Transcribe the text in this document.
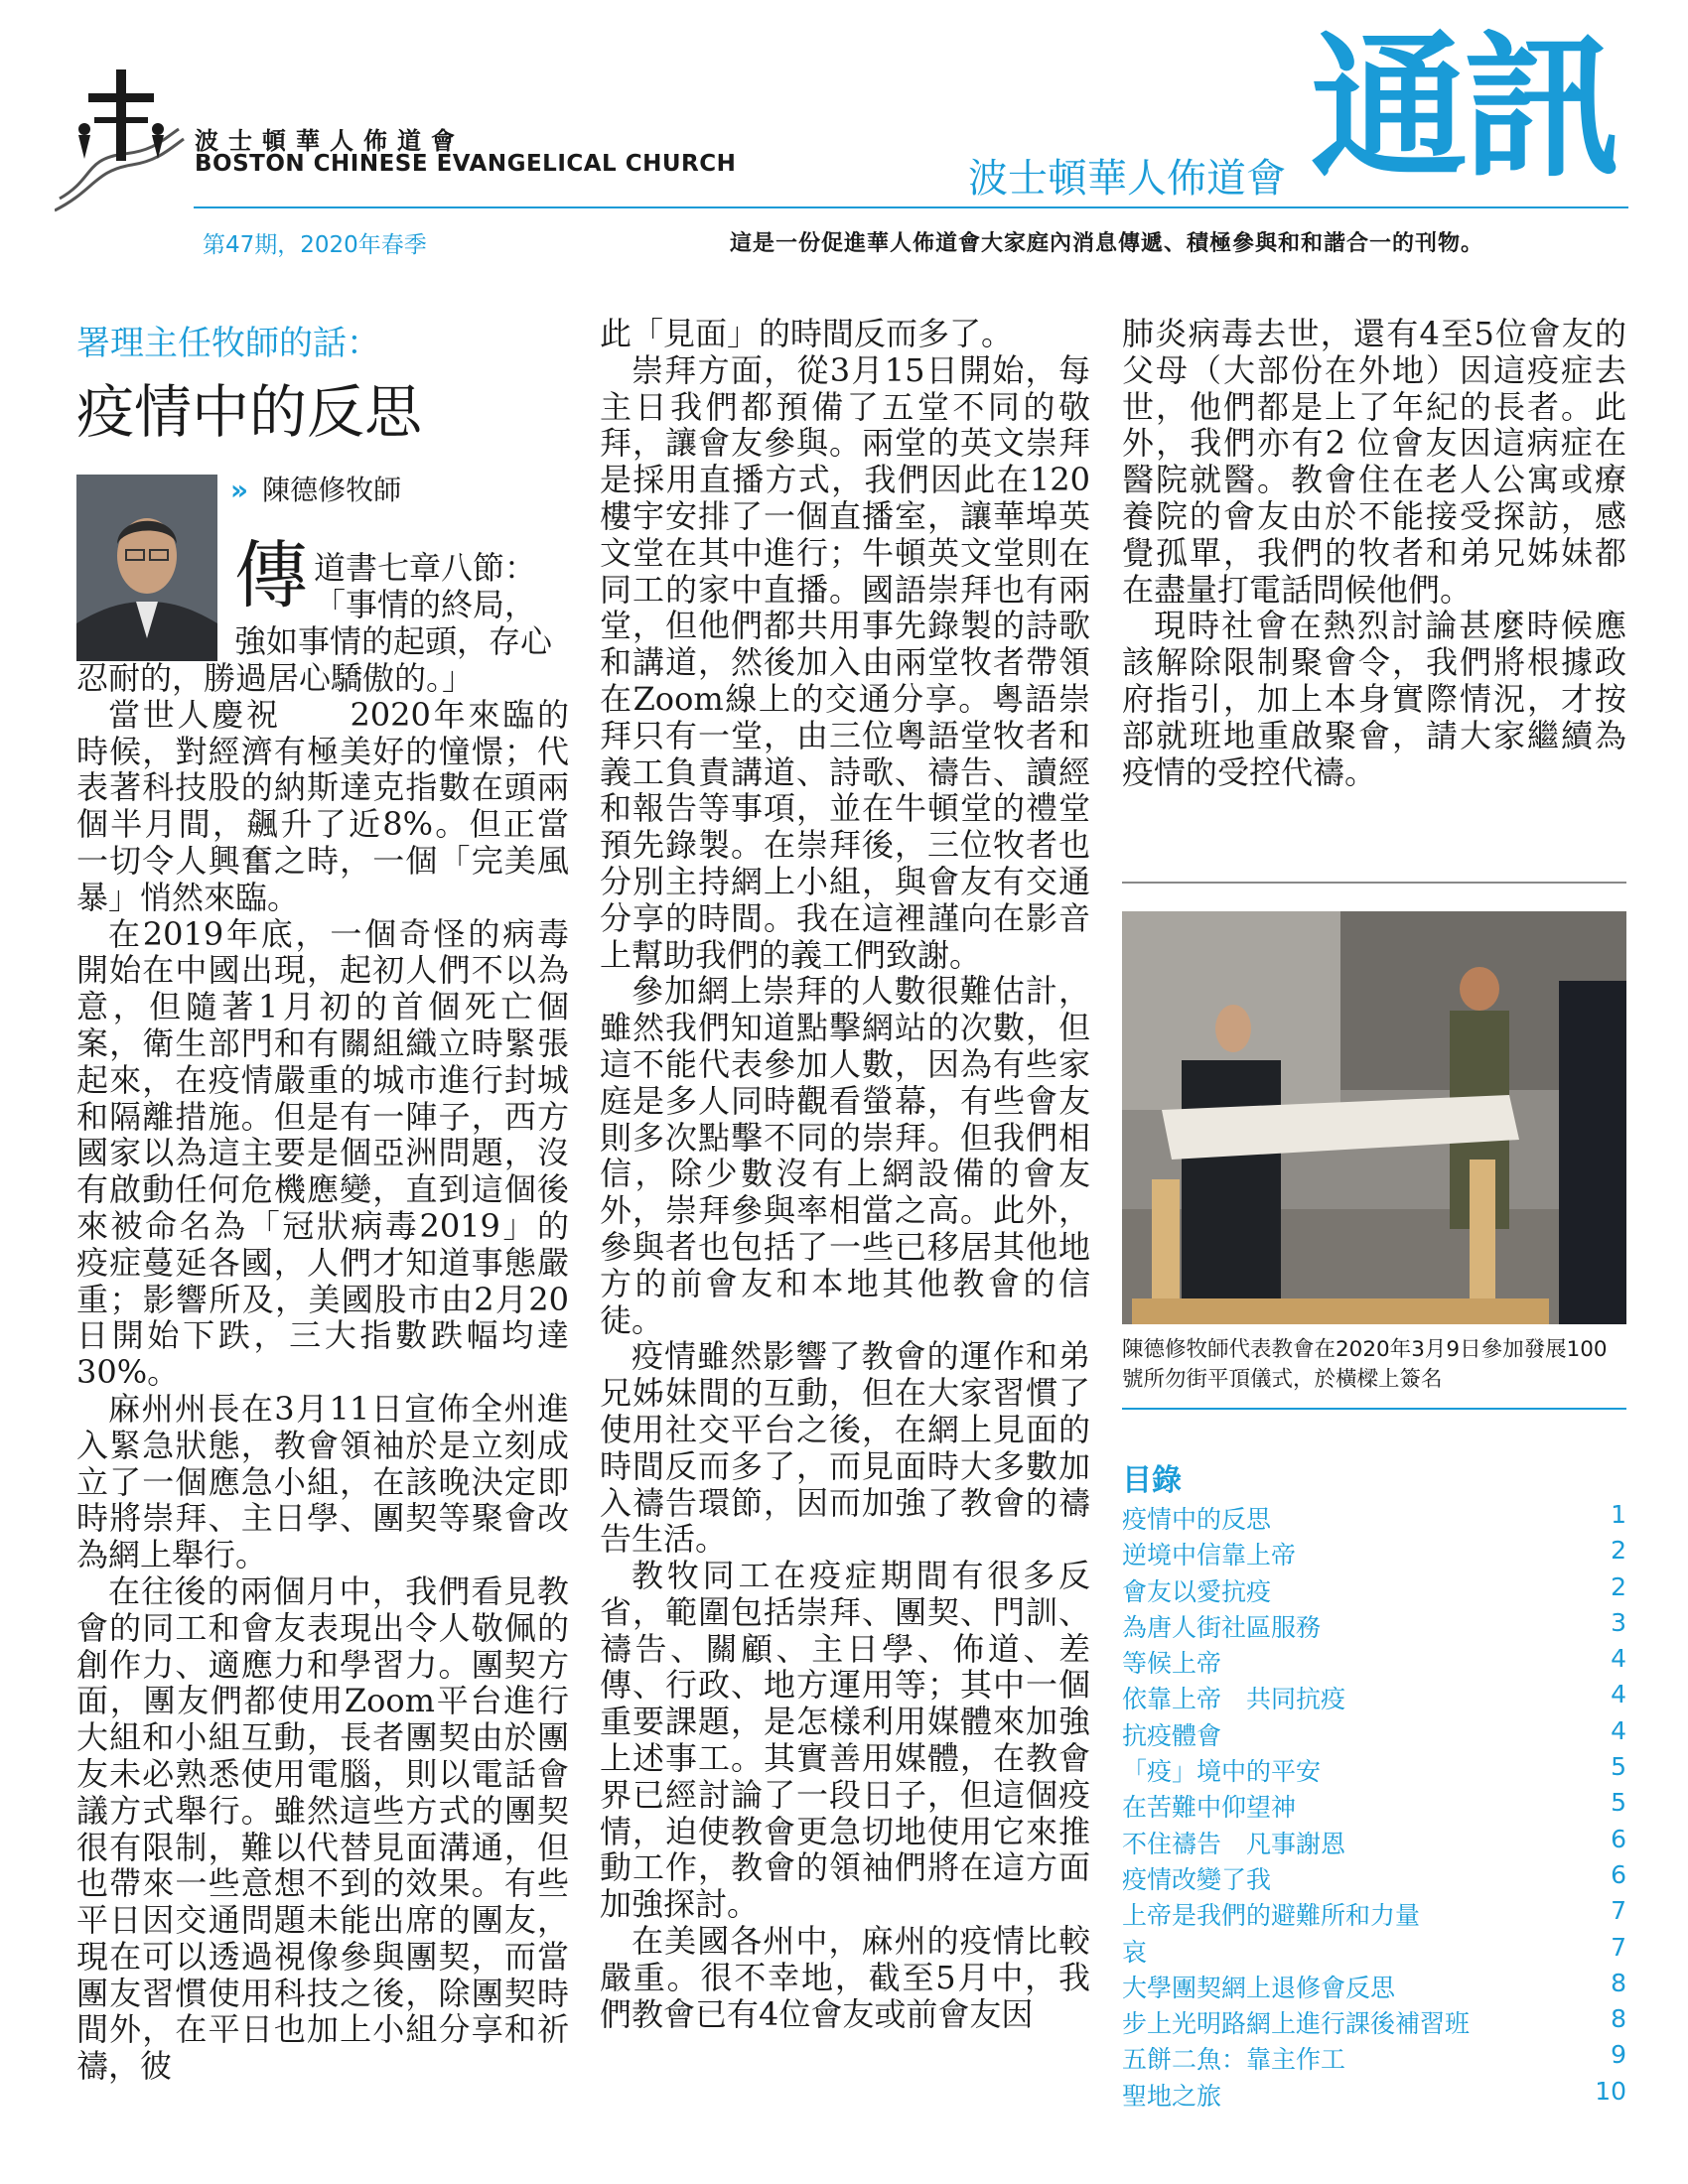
波士頓華人佈道會
BOSTON CHINESE EVANGELICAL CHURCH	波士頓華人佈道會 通訊
第47期，2020年春季	這是一份促進華人佈道會大家庭內消息傳遞、積極參與和和諧合一的刊物。
署理主任牧師的話：
疫情中的反思
» 陳德修牧師
傳 道書七章八節：
「事情的終局，
強如事情的起頭，存心

忍耐的，勝過居心驕傲的。」

當世人慶祝　　2020年來臨的時候，對經濟有極美好的憧憬；代表著科技股的納斯達克指數在頭兩個半月間，飆升了近8%。但正當一切令人興奮之時，一個「完美風暴」悄然來臨。

在2019年底，一個奇怪的病毒開始在中國出現，起初人們不以為意，但隨著1月初的首個死亡個案，衛生部門和有關組織立時緊張起來，在疫情嚴重的城市進行封城和隔離措施。但是有一陣子，西方國家以為這主要是個亞洲問題，沒有啟動任何危機應變，直到這個後來被命名為「冠狀病毒2019」的疫症蔓延各國，人們才知道事態嚴重；影響所及，美國股市由2月20日開始下跌，三大指數跌幅均達 30%。

麻州州長在3月11日宣佈全州進入緊急狀態，教會領袖於是立刻成立了一個應急小組，在該晚決定即時將崇拜、主日學、團契等聚會改為網上舉行。

在往後的兩個月中，我們看見教會的同工和會友表現出令人敬佩的創作力、適應力和學習力。團契方面，團友們都使用Zoom平台進行大組和小組互動，長者團契由於團友未必熟悉使用電腦，則以電話會議方式舉行。雖然這些方式的團契很有限制，難以代替見面溝通，但也帶來一些意想不到的效果。有些平日因交通問題未能出席的團友，現在可以透過視像參與團契，而當團友習慣使用科技之後，除團契時間外，在平日也加上小組分享和祈禱，彼

此「見面」的時間反而多了。

崇拜方面，從3月15日開始，每主日我們都預備了五堂不同的敬拜，讓會友參與。兩堂的英文崇拜是採用直播方式，我們因此在120樓宇安排了一個直播室，讓華埠英文堂在其中進行；牛頓英文堂則在同工的家中直播。國語崇拜也有兩堂，但他們都共用事先錄製的詩歌和講道，然後加入由兩堂牧者帶領在Zoom線上的交通分享。粵語崇拜只有一堂，由三位粵語堂牧者和義工負責講道、詩歌、禱告、讀經和報告等事項，並在牛頓堂的禮堂預先錄製。在崇拜後，三位牧者也分別主持網上小組，與會友有交通分享的時間。我在這裡謹向在影音上幫助我們的義工們致謝。

參加網上崇拜的人數很難估計，雖然我們知道點擊網站的次數，但這不能代表參加人數，因為有些家庭是多人同時觀看螢幕，有些會友則多次點擊不同的崇拜。但我們相信，除少數沒有上網設備的會友外，崇拜參與率相當之高。此外，參與者也包括了一些已移居其他地方的前會友和本地其他教會的信徒。

疫情雖然影響了教會的運作和弟兄姊妹間的互動，但在大家習慣了使用社交平台之後，在網上見面的時間反而多了，而見面時大多數加入禱告環節，因而加強了教會的禱告生活。

教牧同工在疫症期間有很多反省，範圍包括崇拜、團契、門訓、禱告、關顧、主日學、佈道、差傳、行政、地方運用等；其中一個重要課題，是怎樣利用媒體來加強上述事工。其實善用媒體，在教會界已經討論了一段日子，但這個疫情，迫使教會更急切地使用它來推動工作，教會的領袖們將在這方面加強探討。

在美國各州中，麻州的疫情比較嚴重。很不幸地，截至5月中，我們教會已有4位會友或前會友因

肺炎病毒去世，還有4至5位會友的父母（大部份在外地）因這疫症去世，他們都是上了年紀的長者。此外，我們亦有2 位會友因這病症在醫院就醫。教會住在老人公寓或療養院的會友由於不能接受探訪，感覺孤單，我們的牧者和弟兄姊妹都在盡量打電話問候他們。

現時社會在熱烈討論甚麼時候應該解除限制聚會令，我們將根據政府指引，加上本身實際情況，才按部就班地重啟聚會，請大家繼續為疫情的受控代禱。

陳德修牧師代表教會在2020年3月9日參加發展100號所勿街平頂儀式，於橫樑上簽名
目錄
疫情中的反思	1
逆境中信靠上帝	2
會友以愛抗疫	2
為唐人街社區服務	3
等候上帝	4
依靠上帝　共同抗疫	4
抗疫體會	4
「疫」境中的平安	5
在苦難中仰望神	5
不住禱告　凡事謝恩	6
疫情改變了我	6
上帝是我們的避難所和力量	7
哀	7
大學團契網上退修會反思	8
步上光明路網上進行課後補習班	8
五餅二魚：靠主作工	9
聖地之旅	10
